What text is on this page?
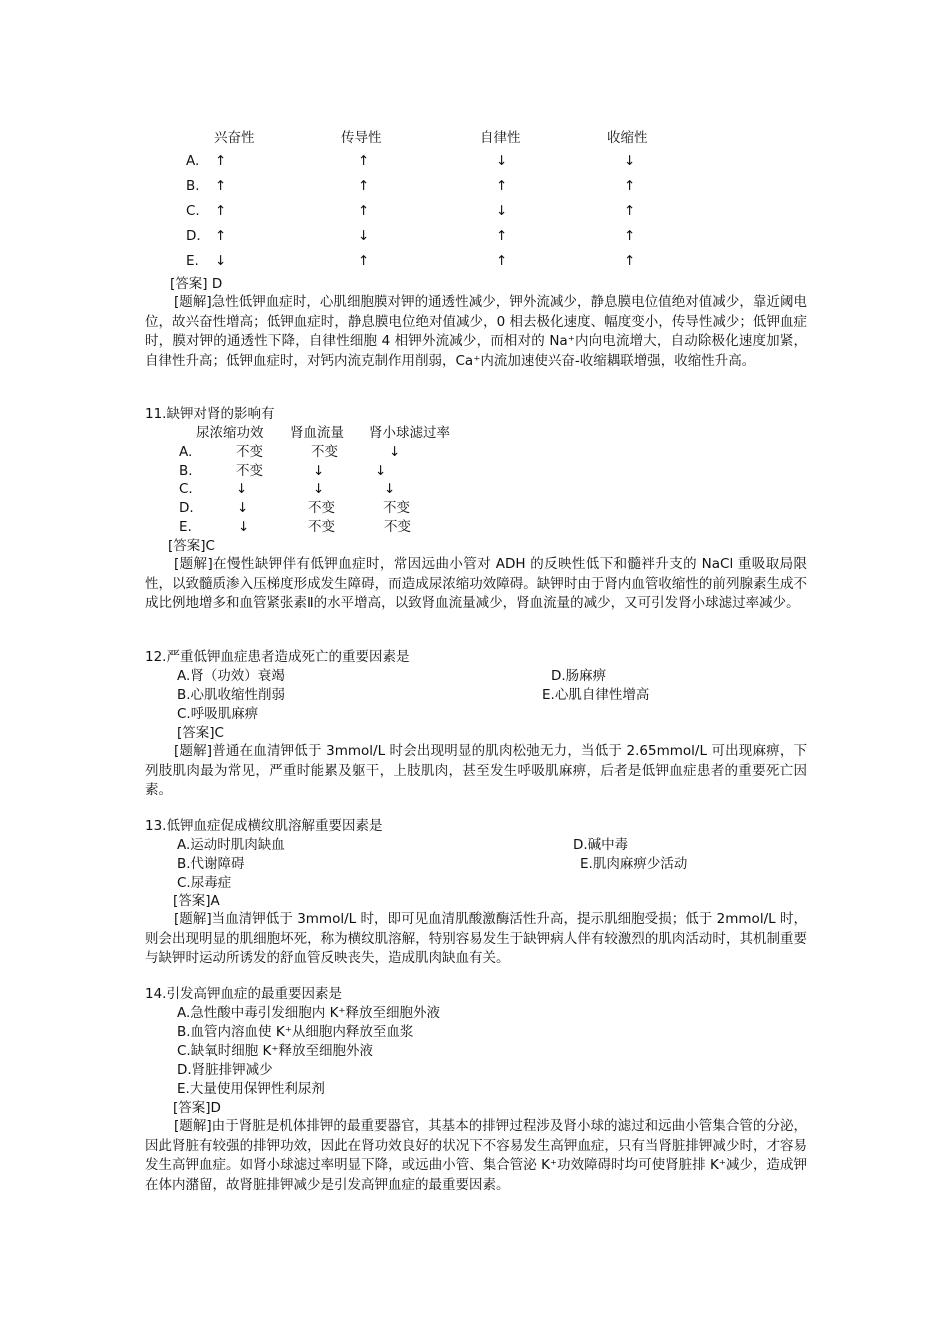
兴奋性	传导性	自律性	收缩性
A. ↑	↑	↓	↓
B. ↑	↑	↑	↑
C. ↑	↑	↓	↑
D. ↑	↓	↑	↑
E. ↓	↑	↑	↑
[答案] D
[题解]急性低钾血症时，心肌细胞膜对钾的通透性减少，钾外流减少，静息膜电位值绝对值减少，靠近阈电位，故兴奋性增高；低钾血症时，静息膜电位绝对值减少，0 相去极化速度、幅度变小，传导性减少；低钾血症时，膜对钾的通透性下降，自律性细胞 4 相钾外流减少，而相对的 Na⁺内向电流增大，自动除极化速度加紧，自律性升高；低钾血症时，对钙内流克制作用削弱，Ca⁺内流加速使兴奋-收缩耦联增强，收缩性升高。
11.缺钾对肾的影响有
尿浓缩功效 肾血流量 肾小球滤过率
A.	不变	不变	↓
B.	不变	↓	↓
C.	↓	↓	↓
D.	↓	不变	不变
E.	↓	不变	不变
[答案]C
[题解]在慢性缺钾伴有低钾血症时，常因远曲小管对 ADH 的反映性低下和髓袢升支的 NaCl 重吸取局限性，以致髓质渗入压梯度形成发生障碍，而造成尿浓缩功效障碍。缺钾时由于肾内血管收缩性的前列腺素生成不成比例地增多和血管紧张素Ⅱ的水平增高，以致肾血流量减少，肾血流量的减少，又可引发肾小球滤过率减少。
12.严重低钾血症患者造成死亡的重要因素是
A.肾（功效）衰竭	D.肠麻痹
B.心肌收缩性削弱	E.心肌自律性增高
C.呼吸肌麻痹
[答案]C
[题解]普通在血清钾低于 3mmol/L 时会出现明显的肌肉松弛无力，当低于 2.65mmol/L 可出现麻痹，下列肢肌肉最为常见，严重时能累及躯干，上肢肌肉，甚至发生呼吸肌麻痹，后者是低钾血症患者的重要死亡因素。
13.低钾血症促成横纹肌溶解重要因素是
A.运动时肌肉缺血	D.碱中毒
B.代谢障碍	E.肌肉麻痹少活动
C.尿毒症
[答案]A
[题解]当血清钾低于 3mmol/L 时，即可见血清肌酸激酶活性升高，提示肌细胞受损；低于 2mmol/L 时，则会出现明显的肌细胞坏死，称为横纹肌溶解，特别容易发生于缺钾病人伴有较激烈的肌肉活动时，其机制重要与缺钾时运动所诱发的舒血管反映丧失，造成肌肉缺血有关。
14.引发高钾血症的最重要因素是
A.急性酸中毒引发细胞内 K⁺释放至细胞外液
B.血管内溶血使 K⁺从细胞内释放至血浆
C.缺氧时细胞 K⁺释放至细胞外液
D.肾脏排钾减少
E.大量使用保钾性利尿剂
[答案]D
[题解]由于肾脏是机体排钾的最重要器官，其基本的排钾过程涉及肾小球的滤过和远曲小管集合管的分泌，因此肾脏有较强的排钾功效，因此在肾功效良好的状况下不容易发生高钾血症，只有当肾脏排钾减少时，才容易发生高钾血症。如肾小球滤过率明显下降，或远曲小管、集合管泌 K⁺功效障碍时均可使肾脏排 K⁺减少，造成钾在体内潴留，故肾脏排钾减少是引发高钾血症的最重要因素。
